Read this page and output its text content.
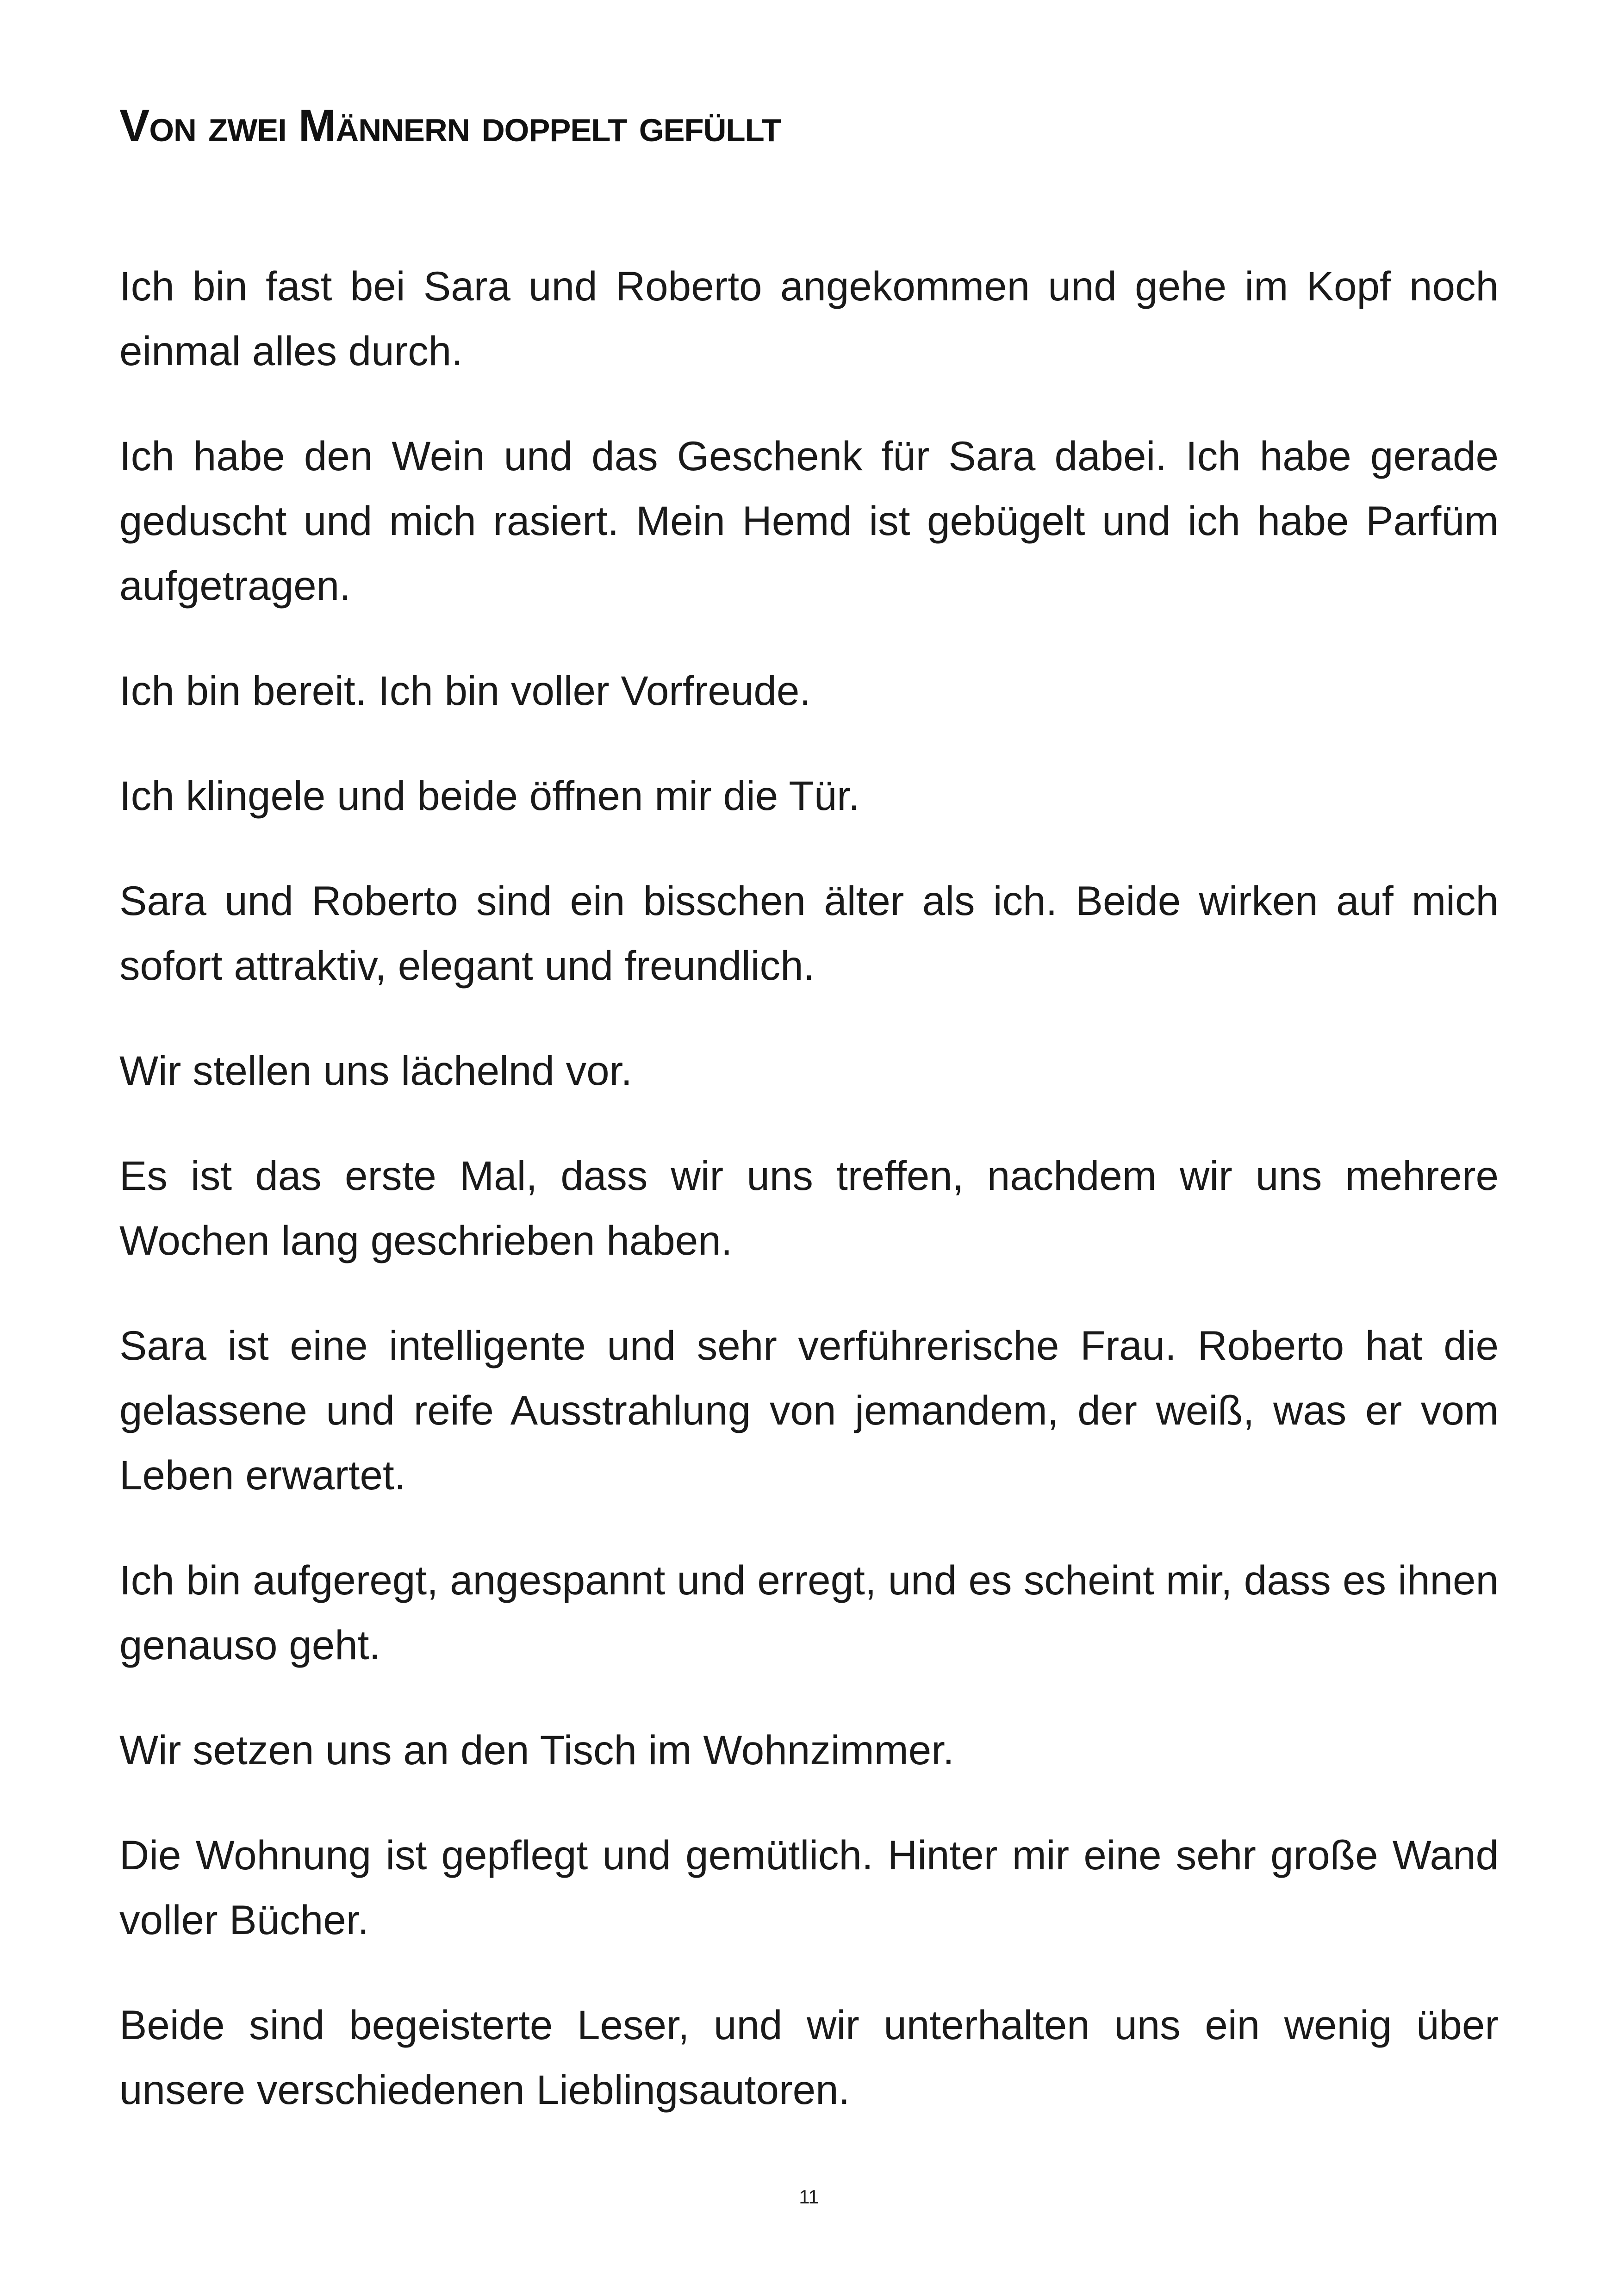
Von zwei Männern doppelt gefüllt

Ich bin fast bei Sara und Roberto angekommen und gehe im Kopf noch einmal alles durch.

Ich habe den Wein und das Geschenk für Sara dabei. Ich habe gerade geduscht und mich rasiert. Mein Hemd ist gebügelt und ich habe Parfüm aufgetragen.

Ich bin bereit. Ich bin voller Vorfreude.

Ich klingele und beide öffnen mir die Tür.

Sara und Roberto sind ein bisschen älter als ich. Beide wirken auf mich sofort attraktiv, elegant und freundlich.

Wir stellen uns lächelnd vor.

Es ist das erste Mal, dass wir uns treffen, nachdem wir uns mehrere Wochen lang geschrieben haben.

Sara ist eine intelligente und sehr verführerische Frau. Roberto hat die gelassene und reife Ausstrahlung von jemandem, der weiß, was er vom Leben erwartet.

Ich bin aufgeregt, angespannt und erregt, und es scheint mir, dass es ihnen genauso geht.

Wir setzen uns an den Tisch im Wohnzimmer.

Die Wohnung ist gepflegt und gemütlich. Hinter mir eine sehr große Wand voller Bücher.

Beide sind begeisterte Leser, und wir unterhalten uns ein wenig über unsere verschiedenen Lieblingsautoren.

11
